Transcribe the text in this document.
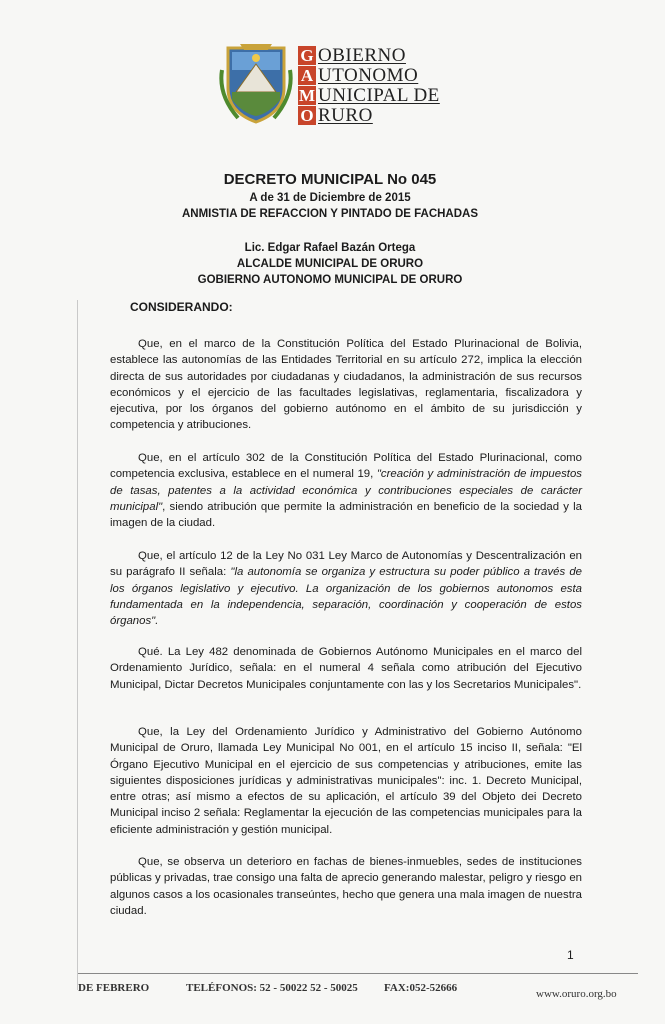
G
A
M
O
OBIERNO
UTONOMO
UNICIPAL DE
RURO
DECRETO MUNICIPAL No 045
A de 31 de Diciembre de 2015
ANMISTIA DE REFACCION Y PINTADO DE FACHADAS
Lic. Edgar Rafael Bazán Ortega
ALCALDE MUNICIPAL DE ORURO
GOBIERNO AUTONOMO MUNICIPAL DE ORURO
CONSIDERANDO:
Que, en el marco de la Constitución Política del Estado Plurinacional de Bolivia, establece las autonomías de las Entidades Territorial en su artículo 272, implica la elección directa de sus autoridades por ciudadanas y ciudadanos, la administración de sus recursos económicos y el ejercicio de las facultades legislativas, reglamentaria, fiscalizadora y ejecutiva, por los órganos del gobierno autónomo en el ámbito de su jurisdicción y competencia y atribuciones.
Que, en el artículo 302 de la Constitución Política del Estado Plurinacional, como competencia exclusiva, establece en el numeral 19, "creación y administración de impuestos de tasas, patentes a la actividad económica y contribuciones especiales de carácter municipal", siendo atribución que permite la administración en beneficio de la sociedad y la imagen de la ciudad.
Que, el artículo 12 de la Ley No 031 Ley Marco de Autonomías y Descentralización en su parágrafo II señala: "la autonomía se organiza y estructura su poder público a través de los órganos legislativo y ejecutivo. La organización de los gobiernos autonomos esta fundamentada en la independencia, separación, coordinación y cooperación de estos órganos".
Qué. La Ley 482 denominada de Gobiernos Autónomo Municipales en el marco del Ordenamiento Jurídico, señala: en el numeral 4 señala como atribución del Ejecutivo Municipal, Dictar Decretos Municipales conjuntamente con las y los Secretarios Municipales".
Que, la Ley del Ordenamiento Jurídico y Administrativo del Gobierno Autónomo Municipal de Oruro, llamada Ley Municipal No 001, en el artículo 15 inciso II, señala: "El Órgano Ejecutivo Municipal en el ejercicio de sus competencias y atribuciones, emite las siguientes disposiciones jurídicas y administrativas municipales": inc. 1. Decreto Municipal, entre otras; así mismo a efectos de su aplicación, el artículo 39 del Objeto dei Decreto Municipal inciso 2 señala: Reglamentar la ejecución de las competencias municipales para la eficiente administración y gestión municipal.
Que, se observa un deterioro en fachas de bienes-inmuebles, sedes de instituciones públicas y privadas, trae consigo una falta de aprecio generando malestar, peligro y riesgo en algunos casos a los ocasionales transeúntes, hecho que genera una mala imagen de nuestra ciudad.
1
DE FEBRERO	TELÉFONOS: 52 - 50022 52 - 50025 FAX:052-52666	www.oruro.org.bo
